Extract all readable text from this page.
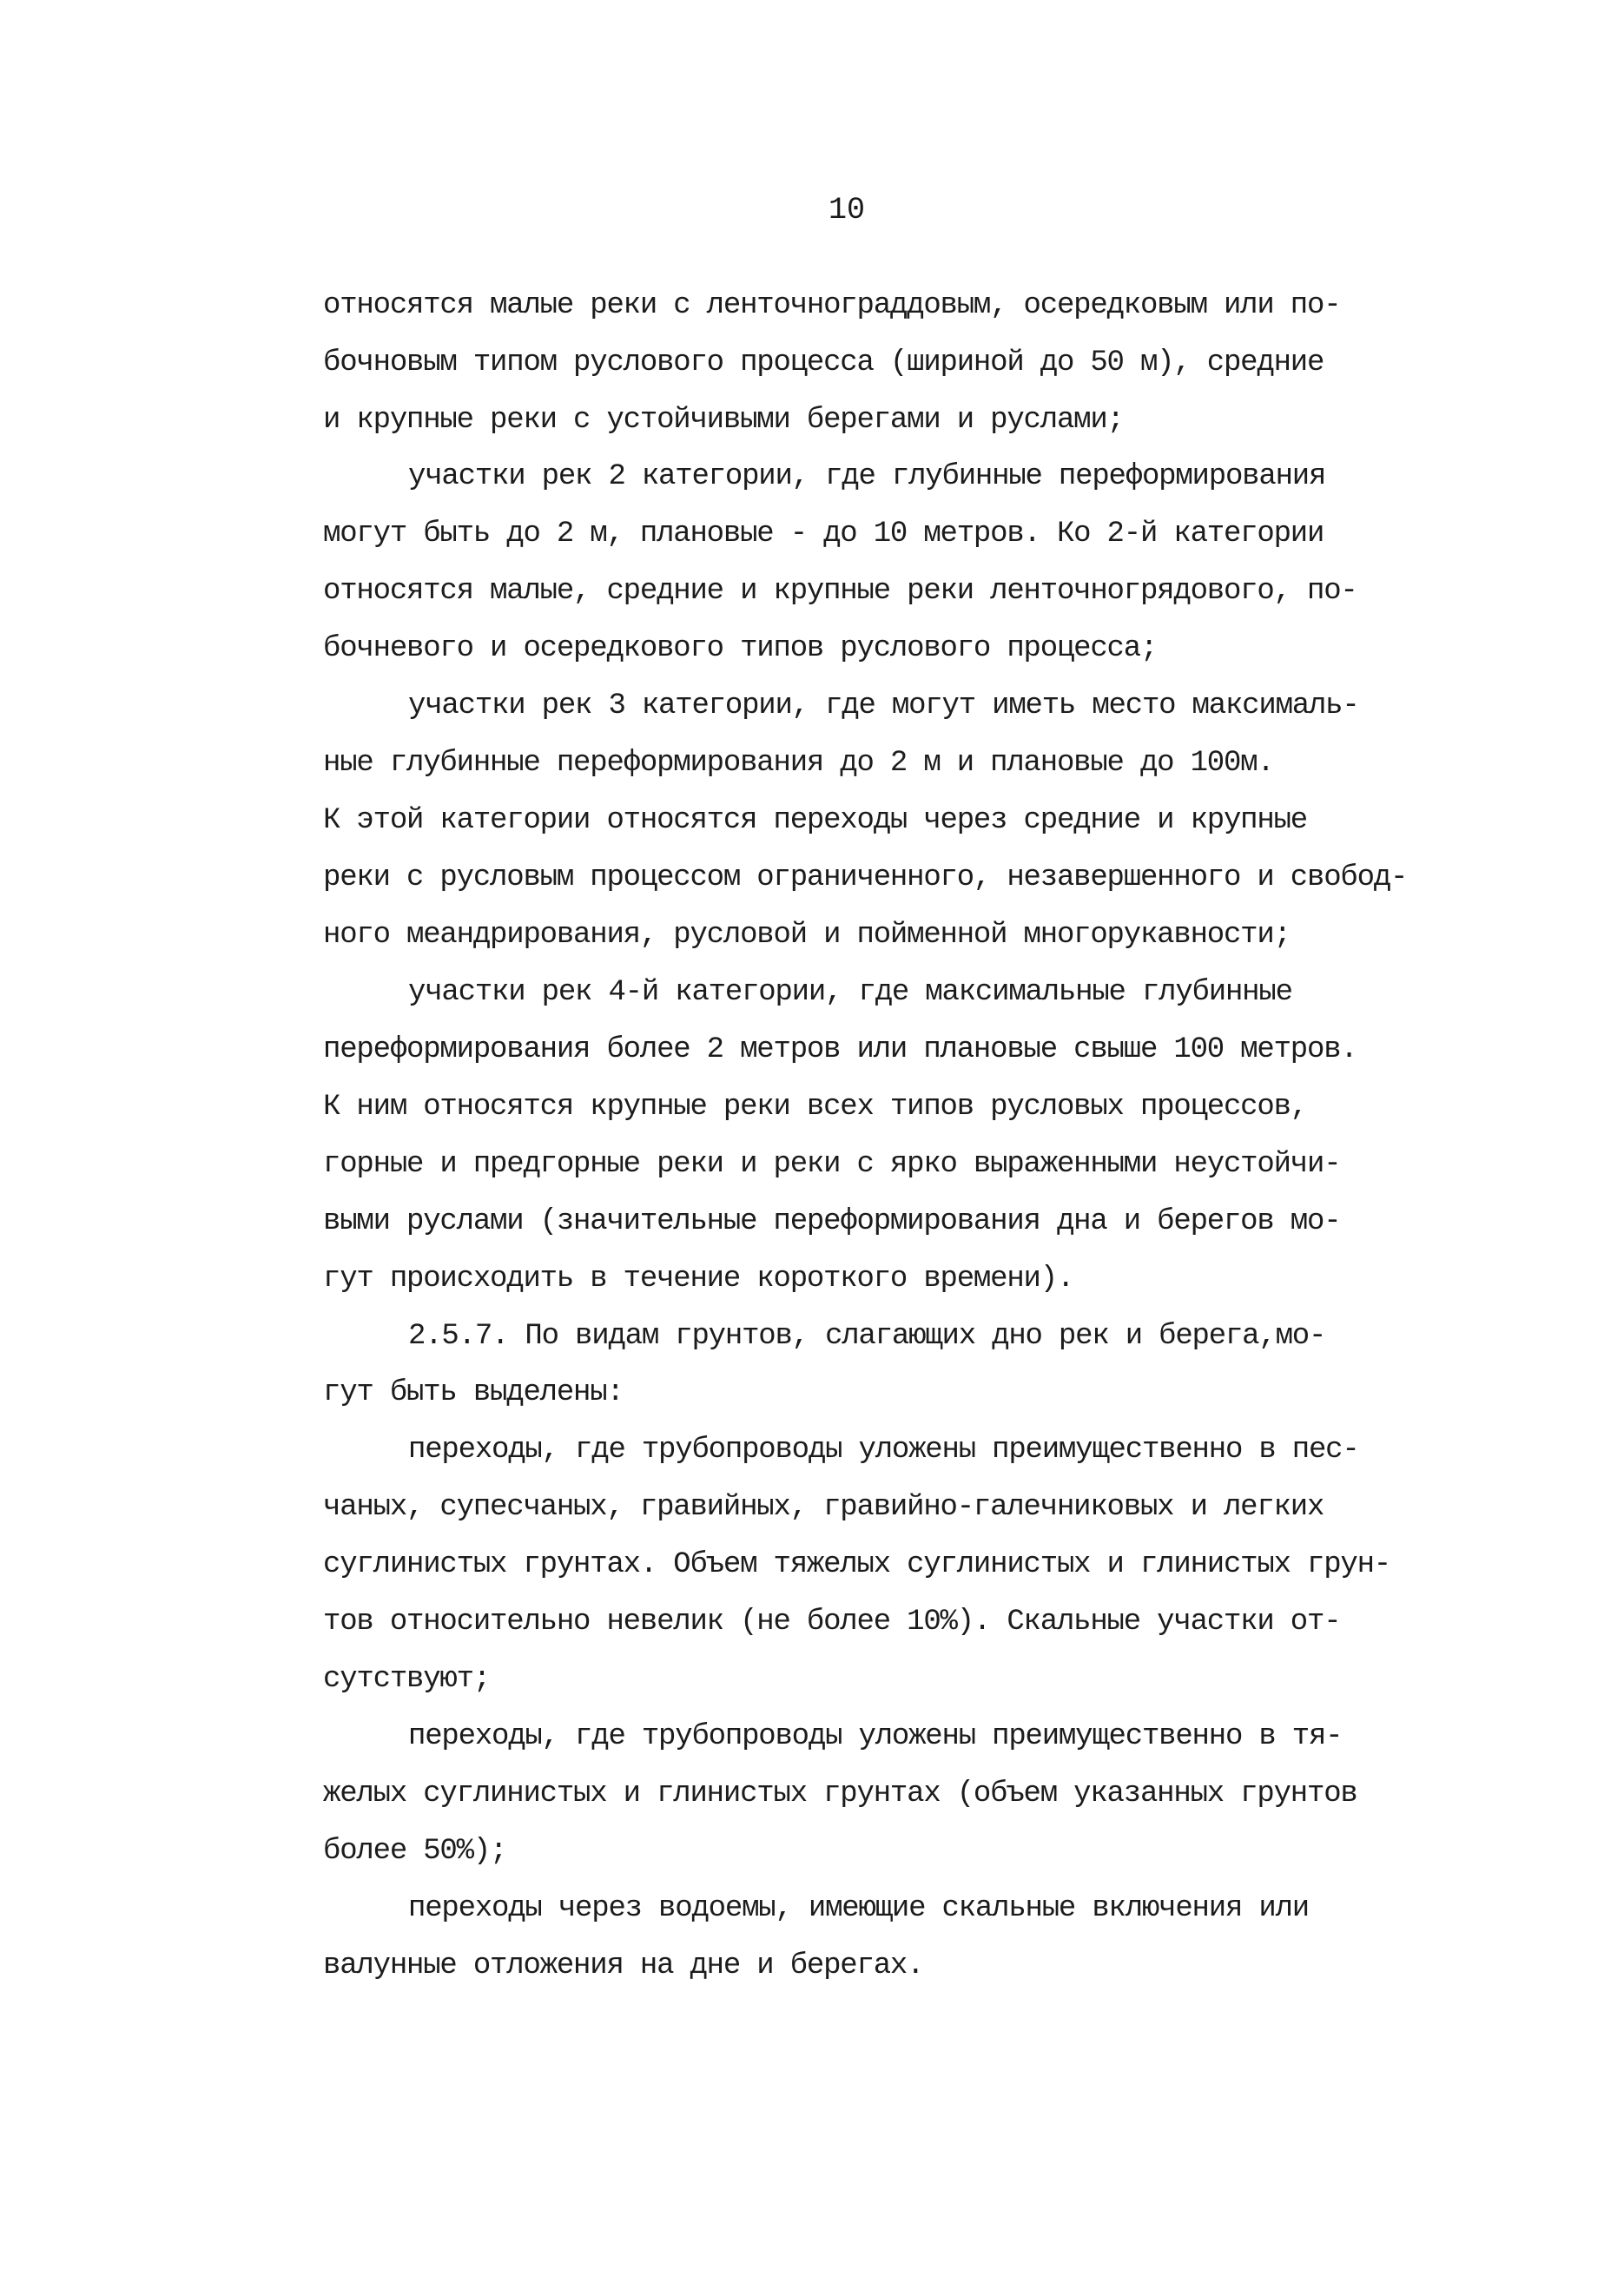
10

относятся малые реки с ленточнограддовым, осередковым или по-

бочновым типом руслового процесса (шириной до 50 м), средние

и крупные реки с устойчивыми берегами и руслами;

участки рек 2 категории, где глубинные переформирования

могут быть до 2 м, плановые - до 10 метров. Ко 2-й категории

относятся малые, средние и крупные реки ленточногрядового, по-

бочневого и осередкового типов руслового процесса;

участки рек 3 категории, где могут иметь место максималь-

ные глубинные переформирования до 2 м и плановые до 100м.

К этой категории относятся переходы через средние и крупные

реки с русловым процессом ограниченного, незавершенного и свобод-

ного меандрирования, русловой и пойменной многорукавности;

участки рек 4-й категории, где максимальные глубинные

переформирования более 2 метров или плановые свыше 100 метров.

К ним относятся крупные реки всех типов русловых процессов,

горные и предгорные реки и реки с ярко выраженными неустойчи-

выми руслами (значительные переформирования дна и берегов мо-

гут происходить в течение короткого времени).

2.5.7. По видам грунтов, слагающих дно рек и берега,мо-

гут быть выделены:

переходы, где трубопроводы уложены преимущественно в пес-

чаных, супесчаных, гравийных, гравийно-галечниковых и легких

суглинистых грунтах. Объем тяжелых суглинистых и глинистых грун-

тов относительно невелик (не более 10%). Скальные участки от-

сутствуют;

переходы, где трубопроводы уложены преимущественно в тя-

желых суглинистых и глинистых грунтах (объем указанных грунтов

более 50%);

переходы через водоемы, имеющие скальные включения или

валунные отложения на дне и берегах.
